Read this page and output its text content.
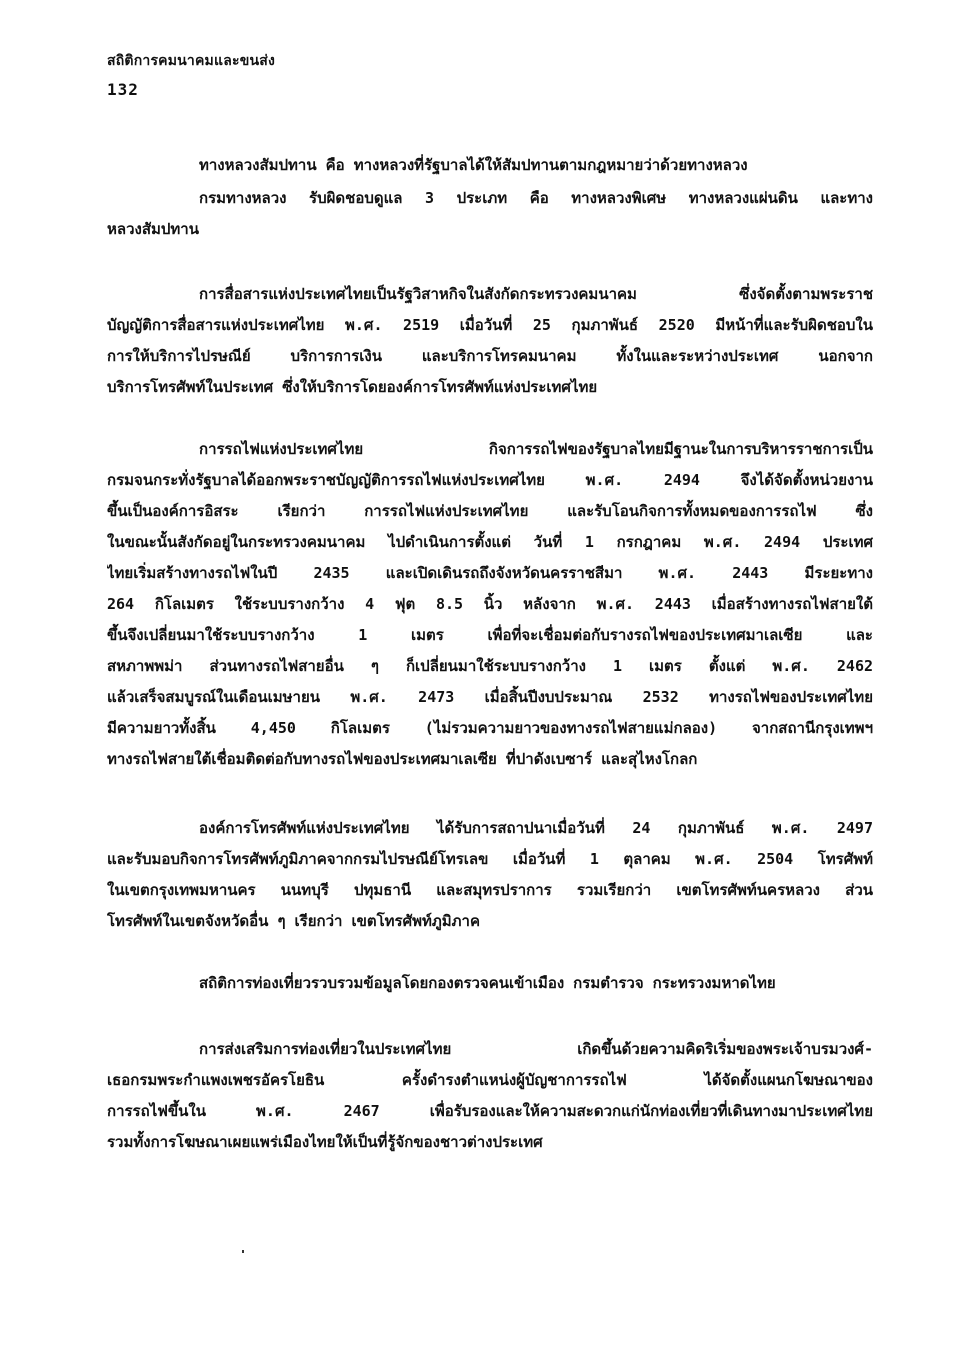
สถิติการคมนาคมและขนส่ง
132
ทางหลวงสัมปทาน คือ ทางหลวงที่รัฐบาลได้ให้สัมปทานตามกฎหมายว่าด้วยทางหลวง
กรมทางหลวง รับผิดชอบดูแล 3 ประเภท คือ ทางหลวงพิเศษ ทางหลวงแผ่นดิน และทาง
หลวงสัมปทาน
การสื่อสารแห่งประเทศไทยเป็นรัฐวิสาหกิจในสังกัดกระทรวงคมนาคม ซึ่งจัดตั้งตามพระราช
บัญญัติการสื่อสารแห่งประเทศไทย พ.ศ. 2519 เมื่อวันที่ 25 กุมภาพันธ์ 2520 มีหน้าที่และรับผิดชอบใน
การให้บริการไปรษณีย์ บริการการเงิน และบริการโทรคมนาคม ทั้งในและระหว่างประเทศ นอกจาก
บริการโทรศัพท์ในประเทศ ซึ่งให้บริการโดยองค์การโทรศัพท์แห่งประเทศไทย
การรถไฟแห่งประเทศไทย กิจการรถไฟของรัฐบาลไทยมีฐานะในการบริหารราชการเป็น
กรมจนกระทั่งรัฐบาลได้ออกพระราชบัญญัติการรถไฟแห่งประเทศไทย พ.ศ. 2494 จึงได้จัดตั้งหน่วยงาน
ขึ้นเป็นองค์การอิสระ เรียกว่า การรถไฟแห่งประเทศไทย และรับโอนกิจการทั้งหมดของการรถไฟ ซึ่ง
ในขณะนั้นสังกัดอยู่ในกระทรวงคมนาคม ไปดำเนินการตั้งแต่ วันที่ 1 กรกฎาคม พ.ศ. 2494 ประเทศ
ไทยเริ่มสร้างทางรถไฟในปี 2435 และเปิดเดินรถถึงจังหวัดนครราชสีมา พ.ศ. 2443 มีระยะทาง
264 กิโลเมตร ใช้ระบบรางกว้าง 4 ฟุต 8.5 นิ้ว หลังจาก พ.ศ. 2443 เมื่อสร้างทางรถไฟสายใต้
ขึ้นจึงเปลี่ยนมาใช้ระบบรางกว้าง 1 เมตร เพื่อที่จะเชื่อมต่อกับรางรถไฟของประเทศมาเลเซีย และ
สหภาพพม่า ส่วนทางรถไฟสายอื่น ๆ ก็เปลี่ยนมาใช้ระบบรางกว้าง 1 เมตร ตั้งแต่ พ.ศ. 2462
แล้วเสร็จสมบูรณ์ในเดือนเมษายน พ.ศ. 2473 เมื่อสิ้นปีงบประมาณ 2532 ทางรถไฟของประเทศไทย
มีความยาวทั้งสิ้น 4,450 กิโลเมตร (ไม่รวมความยาวของทางรถไฟสายแม่กลอง) จากสถานีกรุงเทพฯ
ทางรถไฟสายใต้เชื่อมติดต่อกับทางรถไฟของประเทศมาเลเซีย ที่ปาดังเบซาร์ และสุไหงโกลก
องค์การโทรศัพท์แห่งประเทศไทย ได้รับการสถาปนาเมื่อวันที่ 24 กุมภาพันธ์ พ.ศ. 2497
และรับมอบกิจการโทรศัพท์ภูมิภาคจากกรมไปรษณีย์โทรเลข เมื่อวันที่ 1 ตุลาคม พ.ศ. 2504 โทรศัพท์
ในเขตกรุงเทพมหานคร นนทบุรี ปทุมธานี และสมุทรปราการ รวมเรียกว่า เขตโทรศัพท์นครหลวง ส่วน
โทรศัพท์ในเขตจังหวัดอื่น ๆ เรียกว่า เขตโทรศัพท์ภูมิภาค
สถิติการท่องเที่ยวรวบรวมข้อมูลโดยกองตรวจคนเข้าเมือง กรมตำรวจ กระทรวงมหาดไทย
การส่งเสริมการท่องเที่ยวในประเทศไทย เกิดขึ้นด้วยความคิดริเริ่มของพระเจ้าบรมวงศ์-
เธอกรมพระกำแพงเพชรอัครโยธิน ครั้งดำรงตำแหน่งผู้บัญชาการรถไฟ ได้จัดตั้งแผนกโฆษณาของ
การรถไฟขึ้นใน พ.ศ. 2467 เพื่อรับรองและให้ความสะดวกแก่นักท่องเที่ยวที่เดินทางมาประเทศไทย
รวมทั้งการโฆษณาเผยแพร่เมืองไทยให้เป็นที่รู้จักของชาวต่างประเทศ
